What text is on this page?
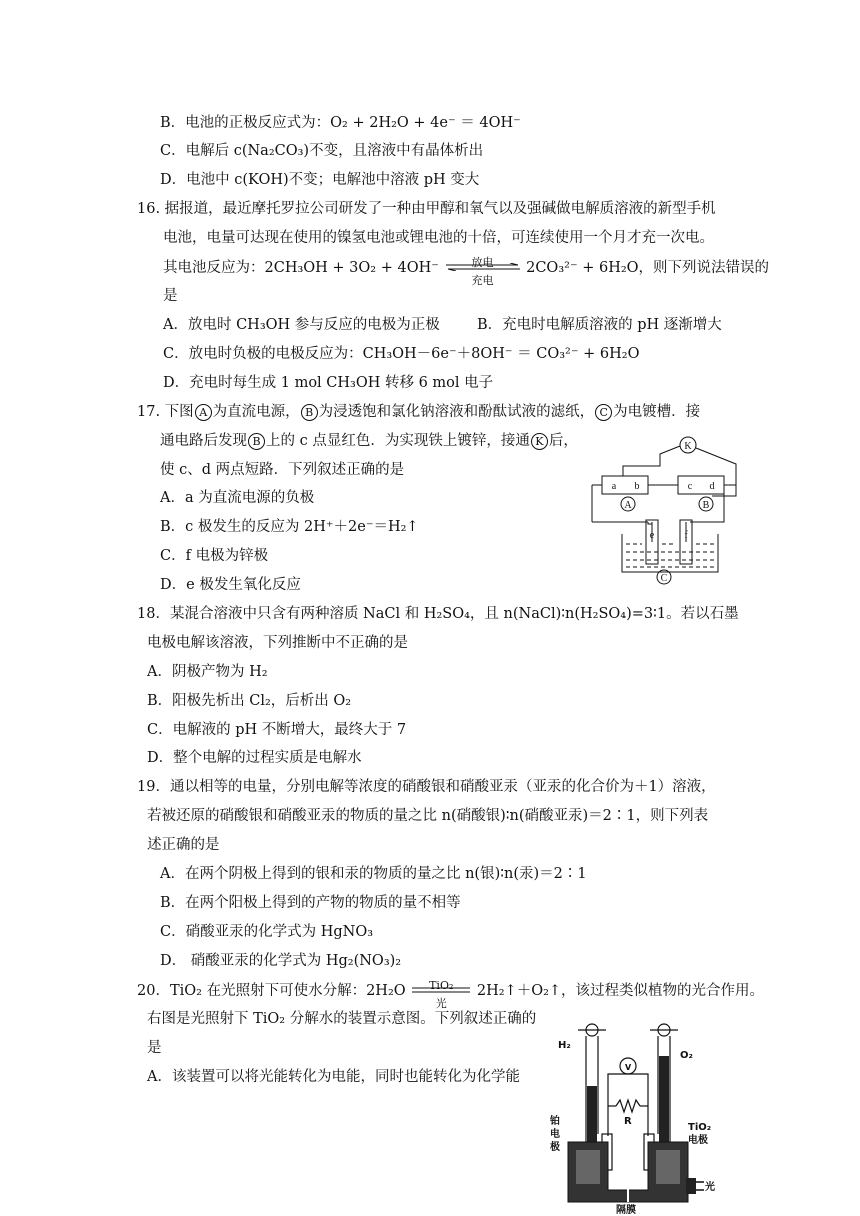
B．电池的正极反应式为：O₂ + 2H₂O + 4e⁻ ＝ 4OH⁻
C．电解后 c(Na₂CO₃)不变，且溶液中有晶体析出
D．电池中 c(KOH)不变；电解池中溶液 pH 变大
16. 据报道，最近摩托罗拉公司研发了一种由甲醇和氧气以及强碱做电解质溶液的新型手机
电池，电量可达现在使用的镍氢电池或锂电池的十倍，可连续使用一个月才充一次电。
其电池反应为：2CH₃OH + 3O₂ + 4OH⁻	放电
充电
2CO₃²⁻ + 6H₂O，则下列说法错误的
是
A．放电时 CH₃OH 参与反应的电极为正极	B．充电时电解质溶液的 pH 逐渐增大
C．放电时负极的电极反应为：CH₃OH－6e⁻＋8OH⁻ ＝ CO₃²⁻ + 6H₂O
D．充电时每生成 1 mol CH₃OH 转移 6 mol 电子
17. 下图 A 为直流电源， B 为浸透饱和氯化钠溶液和酚酞试液的滤纸， C 为电镀槽．接
通电路后发现 B 上的 c 点显红色．为实现铁上镀锌，接通 K 后，
使 c、d 两点短路．下列叙述正确的是
A．a 为直流电源的负极
B．c 极发生的反应为 2H⁺＋2e⁻＝H₂↑
C．f 电极为锌极
D．e 极发生氧化反应
K
a b	c d
A	B
e	f
C
18．某混合溶液中只含有两种溶质 NaCl 和 H₂SO₄，且 n(NaCl)∶n(H₂SO₄)=3∶1。若以石墨
电极电解该溶液，下列推断中不正确的是
A．阴极产物为 H₂
B．阳极先析出 Cl₂，后析出 O₂
C．电解液的 pH 不断增大，最终大于 7
D．整个电解的过程实质是电解水
19．通以相等的电量，分别电解等浓度的硝酸银和硝酸亚汞（亚汞的化合价为＋1）溶液，
若被还原的硝酸银和硝酸亚汞的物质的量之比 n(硝酸银)∶n(硝酸亚汞)＝2∶1，则下列表
述正确的是
A．在两个阴极上得到的银和汞的物质的量之比 n(银)∶n(汞)＝2∶1
B．在两个阳极上得到的产物的物质的量不相等
C．硝酸亚汞的化学式为 HgNO₃
D． 硝酸亚汞的化学式为 Hg₂(NO₃)₂
20．TiO₂ 在光照射下可使水分解：2H₂O	TiO₂
光
2H₂↑＋O₂↑，该过程类似植物的光合作用。
右图是光照射下 TiO₂ 分解水的装置示意图。下列叙述正确的
是
A．该装置可以将光能转化为电能，同时也能转化为化学能
H₂
O₂
V
R
铂
电
极
TiO₂
电极
光
隔膜
